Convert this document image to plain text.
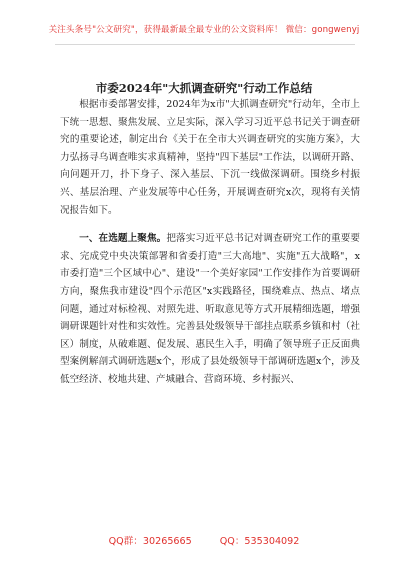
关注头条号"公文研究"，获得最新最全最专业的公文资料库！ 微信：gongwenyj
市委2024年"大抓调查研究"行动工作总结

根据市委部署安排，2024年为x市"大抓调查研究"行动年，全市上下统一思想、聚焦发展、立足实际，深入学习习近平总书记关于调查研究的重要论述，制定出台《关于在全市大兴调查研究的实施方案》，大力弘扬寻乌调查唯实求真精神，坚持"四下基层"工作法，以调研开路、向问题开刀，扑下身子、深入基层、下沉一线做深调研。围绕乡村振兴、基层治理、产业发展等中心任务，开展调查研究x次，现将有关情况报告如下。

一、在选题上聚焦。把落实习近平总书记对调查研究工作的重要要求、完成党中央决策部署和省委打造"三大高地"、实施"五大战略"，x市委打造"三个区域中心"、建设"一个美好家园"工作安排作为首要调研方向，聚焦我市建设"四个示范区"x实践路径，围绕难点、热点、堵点问题，通过对标检视、对照先进、听取意见等方式开展精细选题，增强调研课题针对性和实效性。完善县处级领导干部挂点联系乡镇和村（社区）制度，从破难题、促发展、惠民生入手，明确了领导班子正反面典型案例解剖式调研选题x个，形成了县处级领导干部调研选题x个，涉及低空经济、校地共建、产城融合、营商环境、乡村振兴、

QQ群：30265665	QQ：535304092
